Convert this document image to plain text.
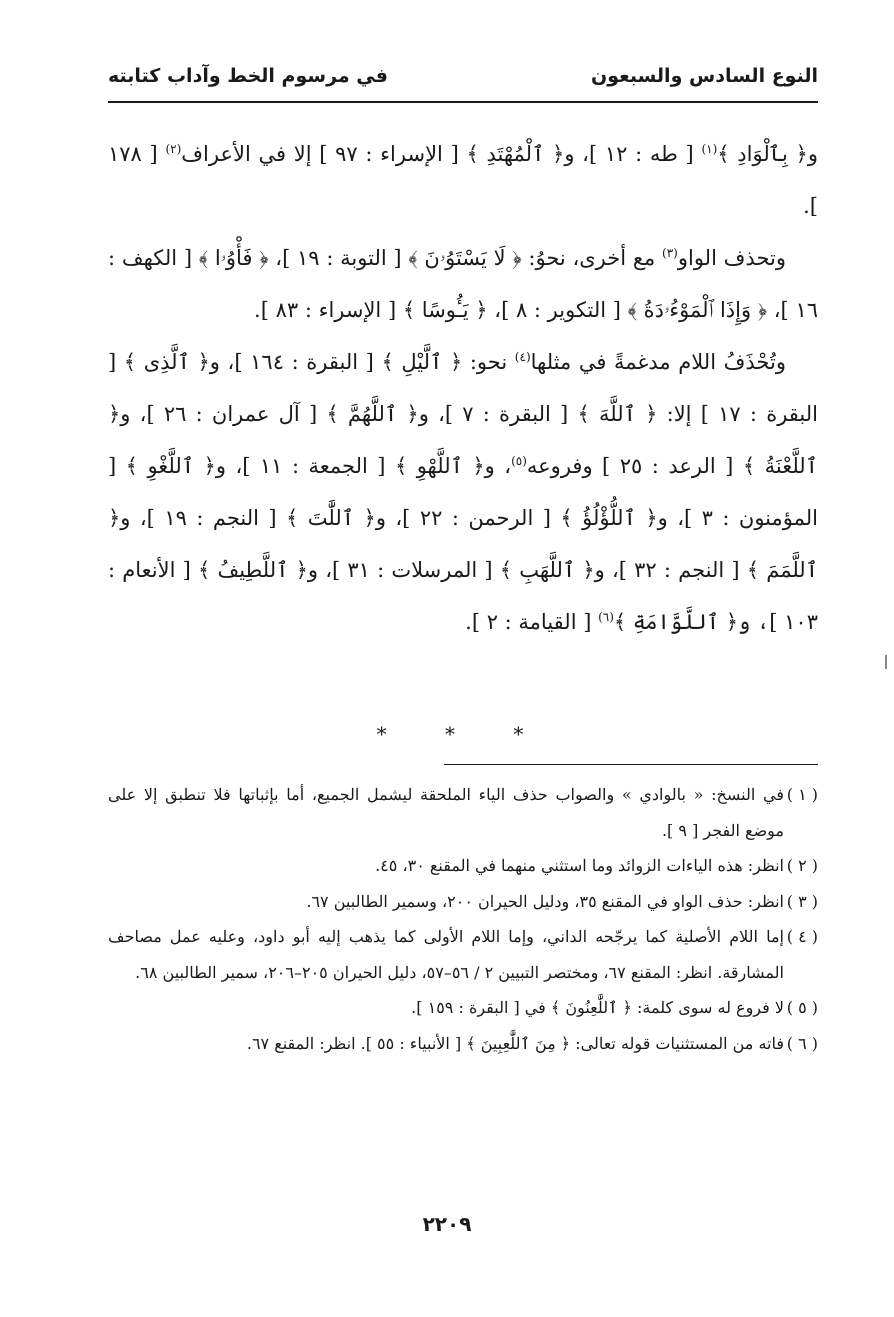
النوع السادس والسبعون
في مرسوم الخط وآداب كتابته

و﴿ بِٱلْوَادِ ﴾$^{(١)}$ [ طه : ١٢ ]، و﴿ ٱلْمُهْتَدِ ﴾ [ الإسراء : ٩٧ ] إلا في الأعراف$^{(٢)}$ [ ١٧٨ ].

وتحذف الواو$^{(٣)}$ مع أخرى، نحوُ: ﴿ لَا يَسْتَوُۥنَ ﴾ [ التوبة : ١٩ ]، ﴿ فَأْوُۥا ﴾ [ الكهف : ١٦ ]، ﴿ وَإِذَا ٱلْمَوْءُۥدَةُ ﴾ [ التكوير : ٨ ]، ﴿ يَـُٔوسًا ﴾ [ الإسراء : ٨٣ ].

وتُحْذَفُ اللام مدغمةً في مثلها$^{(٤)}$ نحو: ﴿ ٱلَّيْلِ ﴾ [ البقرة : ١٦٤ ]، و﴿ ٱلَّذِى ﴾ [ البقرة : ١٧ ] إلا: ﴿ ٱللَّهَ ﴾ [ البقرة : ٧ ]، و﴿ ٱللَّهُمَّ ﴾ [ آل عمران : ٢٦ ]، و﴿ ٱللَّعْنَةُ ﴾ [ الرعد : ٢٥ ] وفروعه$^{(٥)}$، و﴿ ٱللَّهْوِ ﴾ [ الجمعة : ١١ ]، و﴿ ٱللَّغْوِ ﴾ [ المؤمنون : ٣ ]، و﴿ ٱللُّؤْلُؤُ ﴾ [ الرحمن : ٢٢ ]، و﴿ ٱللَّٰتَ ﴾ [ النجم : ١٩ ]، و﴿ ٱللَّمَمَ ﴾ [ النجم : ٣٢ ]، و﴿ ٱللَّهَبِ ﴾ [ المرسلات : ٣١ ]، و﴿ ٱللَّطِيفُ ﴾ [ الأنعام : ١٠٣ ]، و﴿ ٱللَّوَّامَةِ ﴾$^{(٦)}$ [ القيامة : ٢ ].

* * *

( ١ )
في النسخ: « بالوادي » والصواب حذف الياء الملحقة ليشمل الجميع، أما بإثباتها فلا تنطبق إلا على موضع الفجر [ ٩ ].

( ٢ )
انظر: هذه الياءات الزوائد وما استثني منهما في المقنع ٣٠، ٤٥.

( ٣ )
انظر: حذف الواو في المقنع ٣٥، ودليل الحيران ٢٠٠، وسمير الطالبين ٦٧.

( ٤ )
إما اللام الأصلية كما يرجّحه الداني، وإما اللام الأولى كما يذهب إليه أبو داود، وعليه عمل مصاحف المشارقة. انظر: المقنع ٦٧، ومختصر التبيين ٢ / ٥٦–٥٧، دليل الحيران ٢٠٥–٢٠٦، سمير الطالبين ٦٨.

( ٥ )
لا فروع له سوى كلمة: ﴿ ٱللَّٰعِنُونَ ﴾ في [ البقرة : ١٥٩ ].

( ٦ )
فاته من المستثنيات قوله تعالى: ﴿ مِنَ ٱللَّٰعِبِينَ ﴾ [ الأنبياء : ٥٥ ]. انظر: المقنع ٦٧.

٢٢٠٩
